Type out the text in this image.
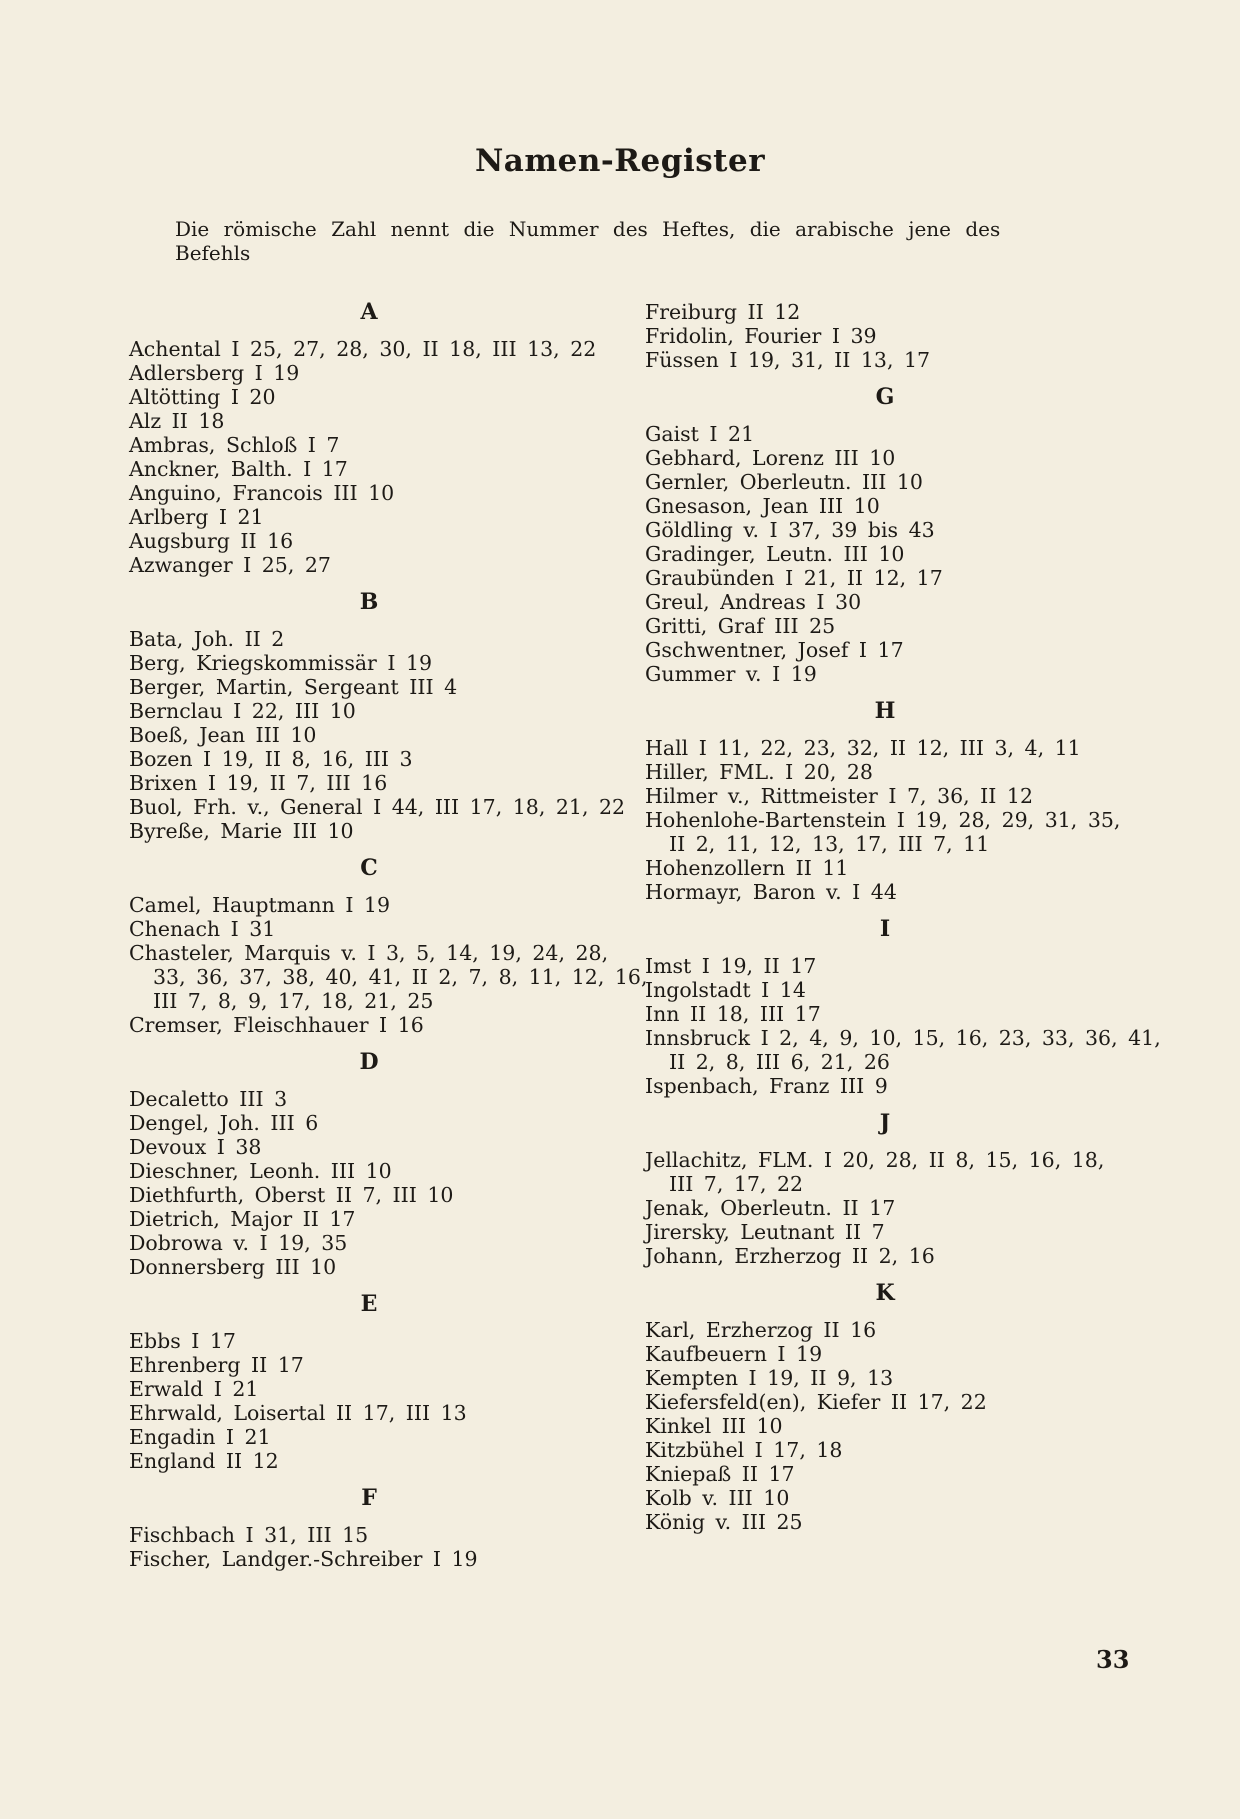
Namen-Register
Die römische Zahl nennt die Nummer des Heftes, die arabische jene des Befehls
A
Achental I 25, 27, 28, 30, II 18, III 13, 22
Adlersberg I 19
Altötting I 20
Alz II 18
Ambras, Schloß I 7
Anckner, Balth. I 17
Anguino, Francois III 10
Arlberg I 21
Augsburg II 16
Azwanger I 25, 27
B
Bata, Joh. II 2
Berg, Kriegskommissär I 19
Berger, Martin, Sergeant III 4
Bernclau I 22, III 10
Boeß, Jean III 10
Bozen I 19, II 8, 16, III 3
Brixen I 19, II 7, III 16
Buol, Frh. v., General I 44, III 17, 18, 21, 22
Byreße, Marie III 10
C
Camel, Hauptmann I 19
Chenach I 31
Chasteler, Marquis v. I 3, 5, 14, 19, 24, 28,
33, 36, 37, 38, 40, 41, II 2, 7, 8, 11, 12, 16,
III 7, 8, 9, 17, 18, 21, 25
Cremser, Fleischhauer I 16
D
Decaletto III 3
Dengel, Joh. III 6
Devoux I 38
Dieschner, Leonh. III 10
Diethfurth, Oberst II 7, III 10
Dietrich, Major II 17
Dobrowa v. I 19, 35
Donnersberg III 10
E
Ebbs I 17
Ehrenberg II 17
Erwald I 21
Ehrwald, Loisertal II 17, III 13
Engadin I 21
England II 12
F
Fischbach I 31, III 15
Fischer, Landger.-Schreiber I 19
Freiburg II 12
Fridolin, Fourier I 39
Füssen I 19, 31, II 13, 17
G
Gaist I 21
Gebhard, Lorenz III 10
Gernler, Oberleutn. III 10
Gnesason, Jean III 10
Göldling v. I 37, 39 bis 43
Gradinger, Leutn. III 10
Graubünden I 21, II 12, 17
Greul, Andreas I 30
Gritti, Graf III 25
Gschwentner, Josef I 17
Gummer v. I 19
H
Hall I 11, 22, 23, 32, II 12, III 3, 4, 11
Hiller, FML. I 20, 28
Hilmer v., Rittmeister I 7, 36, II 12
Hohenlohe-Bartenstein I 19, 28, 29, 31, 35,
II 2, 11, 12, 13, 17, III 7, 11
Hohenzollern II 11
Hormayr, Baron v. I 44
I
Imst I 19, II 17
Ingolstadt I 14
Inn II 18, III 17
Innsbruck I 2, 4, 9, 10, 15, 16, 23, 33, 36, 41,
II 2, 8, III 6, 21, 26
Ispenbach, Franz III 9
J
Jellachitz, FLM. I 20, 28, II 8, 15, 16, 18,
III 7, 17, 22
Jenak, Oberleutn. II 17
Jirersky, Leutnant II 7
Johann, Erzherzog II 2, 16
K
Karl, Erzherzog II 16
Kaufbeuern I 19
Kempten I 19, II 9, 13
Kiefersfeld(en), Kiefer II 17, 22
Kinkel III 10
Kitzbühel I 17, 18
Kniepaß II 17
Kolb v. III 10
König v. III 25
33
